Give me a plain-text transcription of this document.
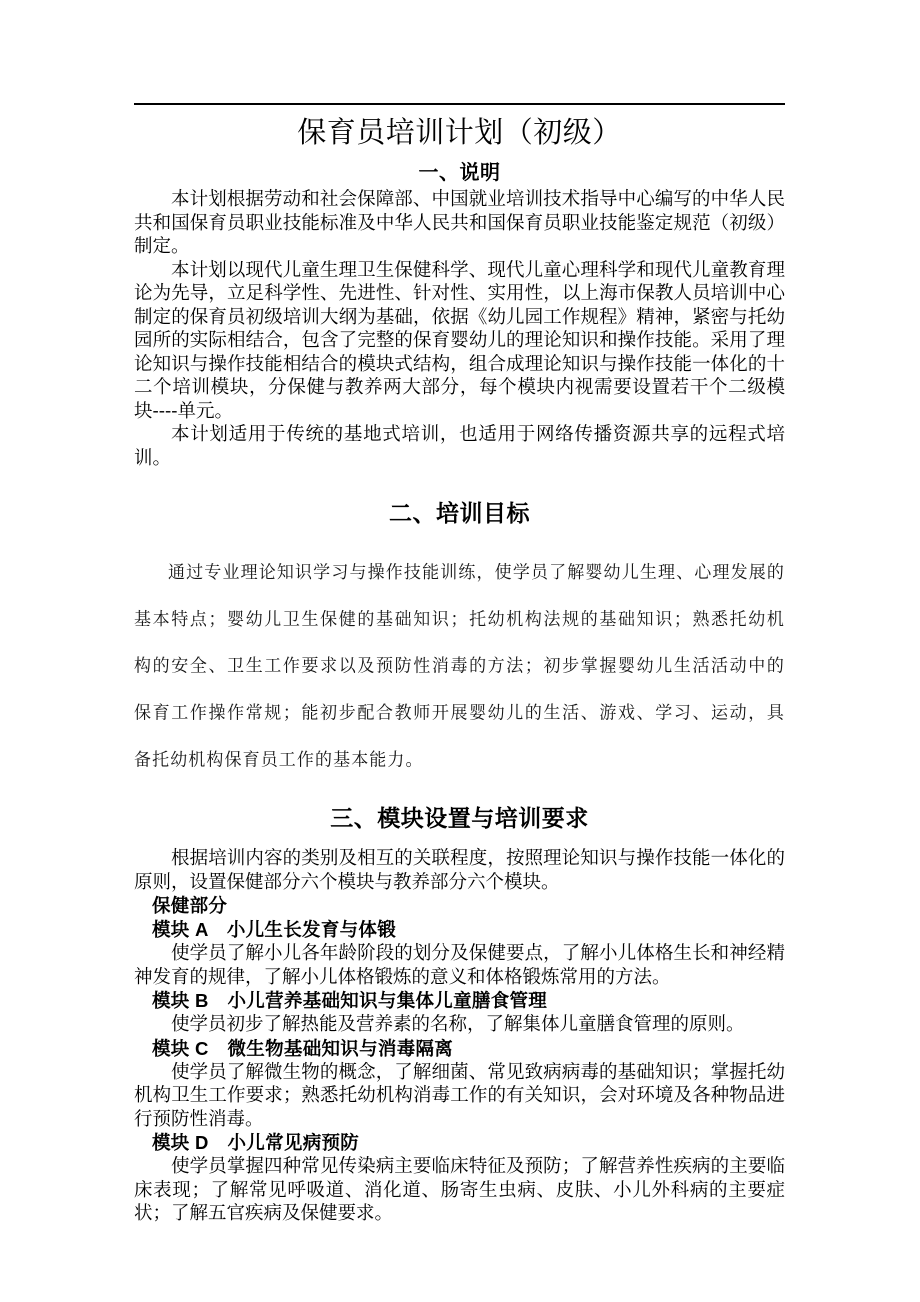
保育员培训计划（初级）
一、说明

本计划根据劳动和社会保障部、中国就业培训技术指导中心编写的中华人民共和国保育员职业技能标准及中华人民共和国保育员职业技能鉴定规范（初级）制定。

本计划以现代儿童生理卫生保健科学、现代儿童心理科学和现代儿童教育理论为先导，立足科学性、先进性、针对性、实用性，以上海市保教人员培训中心制定的保育员初级培训大纲为基础，依据《幼儿园工作规程》精神，紧密与托幼园所的实际相结合，包含了完整的保育婴幼儿的理论知识和操作技能。采用了理论知识与操作技能相结合的模块式结构，组合成理论知识与操作技能一体化的十二个培训模块，分保健与教养两大部分，每个模块内视需要设置若干个二级模块----单元。

本计划适用于传统的基地式培训，也适用于网络传播资源共享的远程式培训。

二、培训目标

通过专业理论知识学习与操作技能训练，使学员了解婴幼儿生理、心理发展的基本特点；婴幼儿卫生保健的基础知识；托幼机构法规的基础知识；熟悉托幼机构的安全、卫生工作要求以及预防性消毒的方法；初步掌握婴幼儿生活活动中的保育工作操作常规；能初步配合教师开展婴幼儿的生活、游戏、学习、运动，具备托幼机构保育员工作的基本能力。

三、模块设置与培训要求

根据培训内容的类别及相互的关联程度，按照理论知识与操作技能一体化的原则，设置保健部分六个模块与教养部分六个模块。

保健部分

模块 A　小儿生长发育与体锻

使学员了解小儿各年龄阶段的划分及保健要点，了解小儿体格生长和神经精神发育的规律，了解小儿体格锻炼的意义和体格锻炼常用的方法。

模块 B　小儿营养基础知识与集体儿童膳食管理

使学员初步了解热能及营养素的名称，了解集体儿童膳食管理的原则。

模块 C　微生物基础知识与消毒隔离

使学员了解微生物的概念，了解细菌、常见致病病毒的基础知识；掌握托幼机构卫生工作要求；熟悉托幼机构消毒工作的有关知识，会对环境及各种物品进行预防性消毒。

模块 D　小儿常见病预防

使学员掌握四种常见传染病主要临床特征及预防；了解营养性疾病的主要临床表现；了解常见呼吸道、消化道、肠寄生虫病、皮肤、小儿外科病的主要症状；了解五官疾病及保健要求。
